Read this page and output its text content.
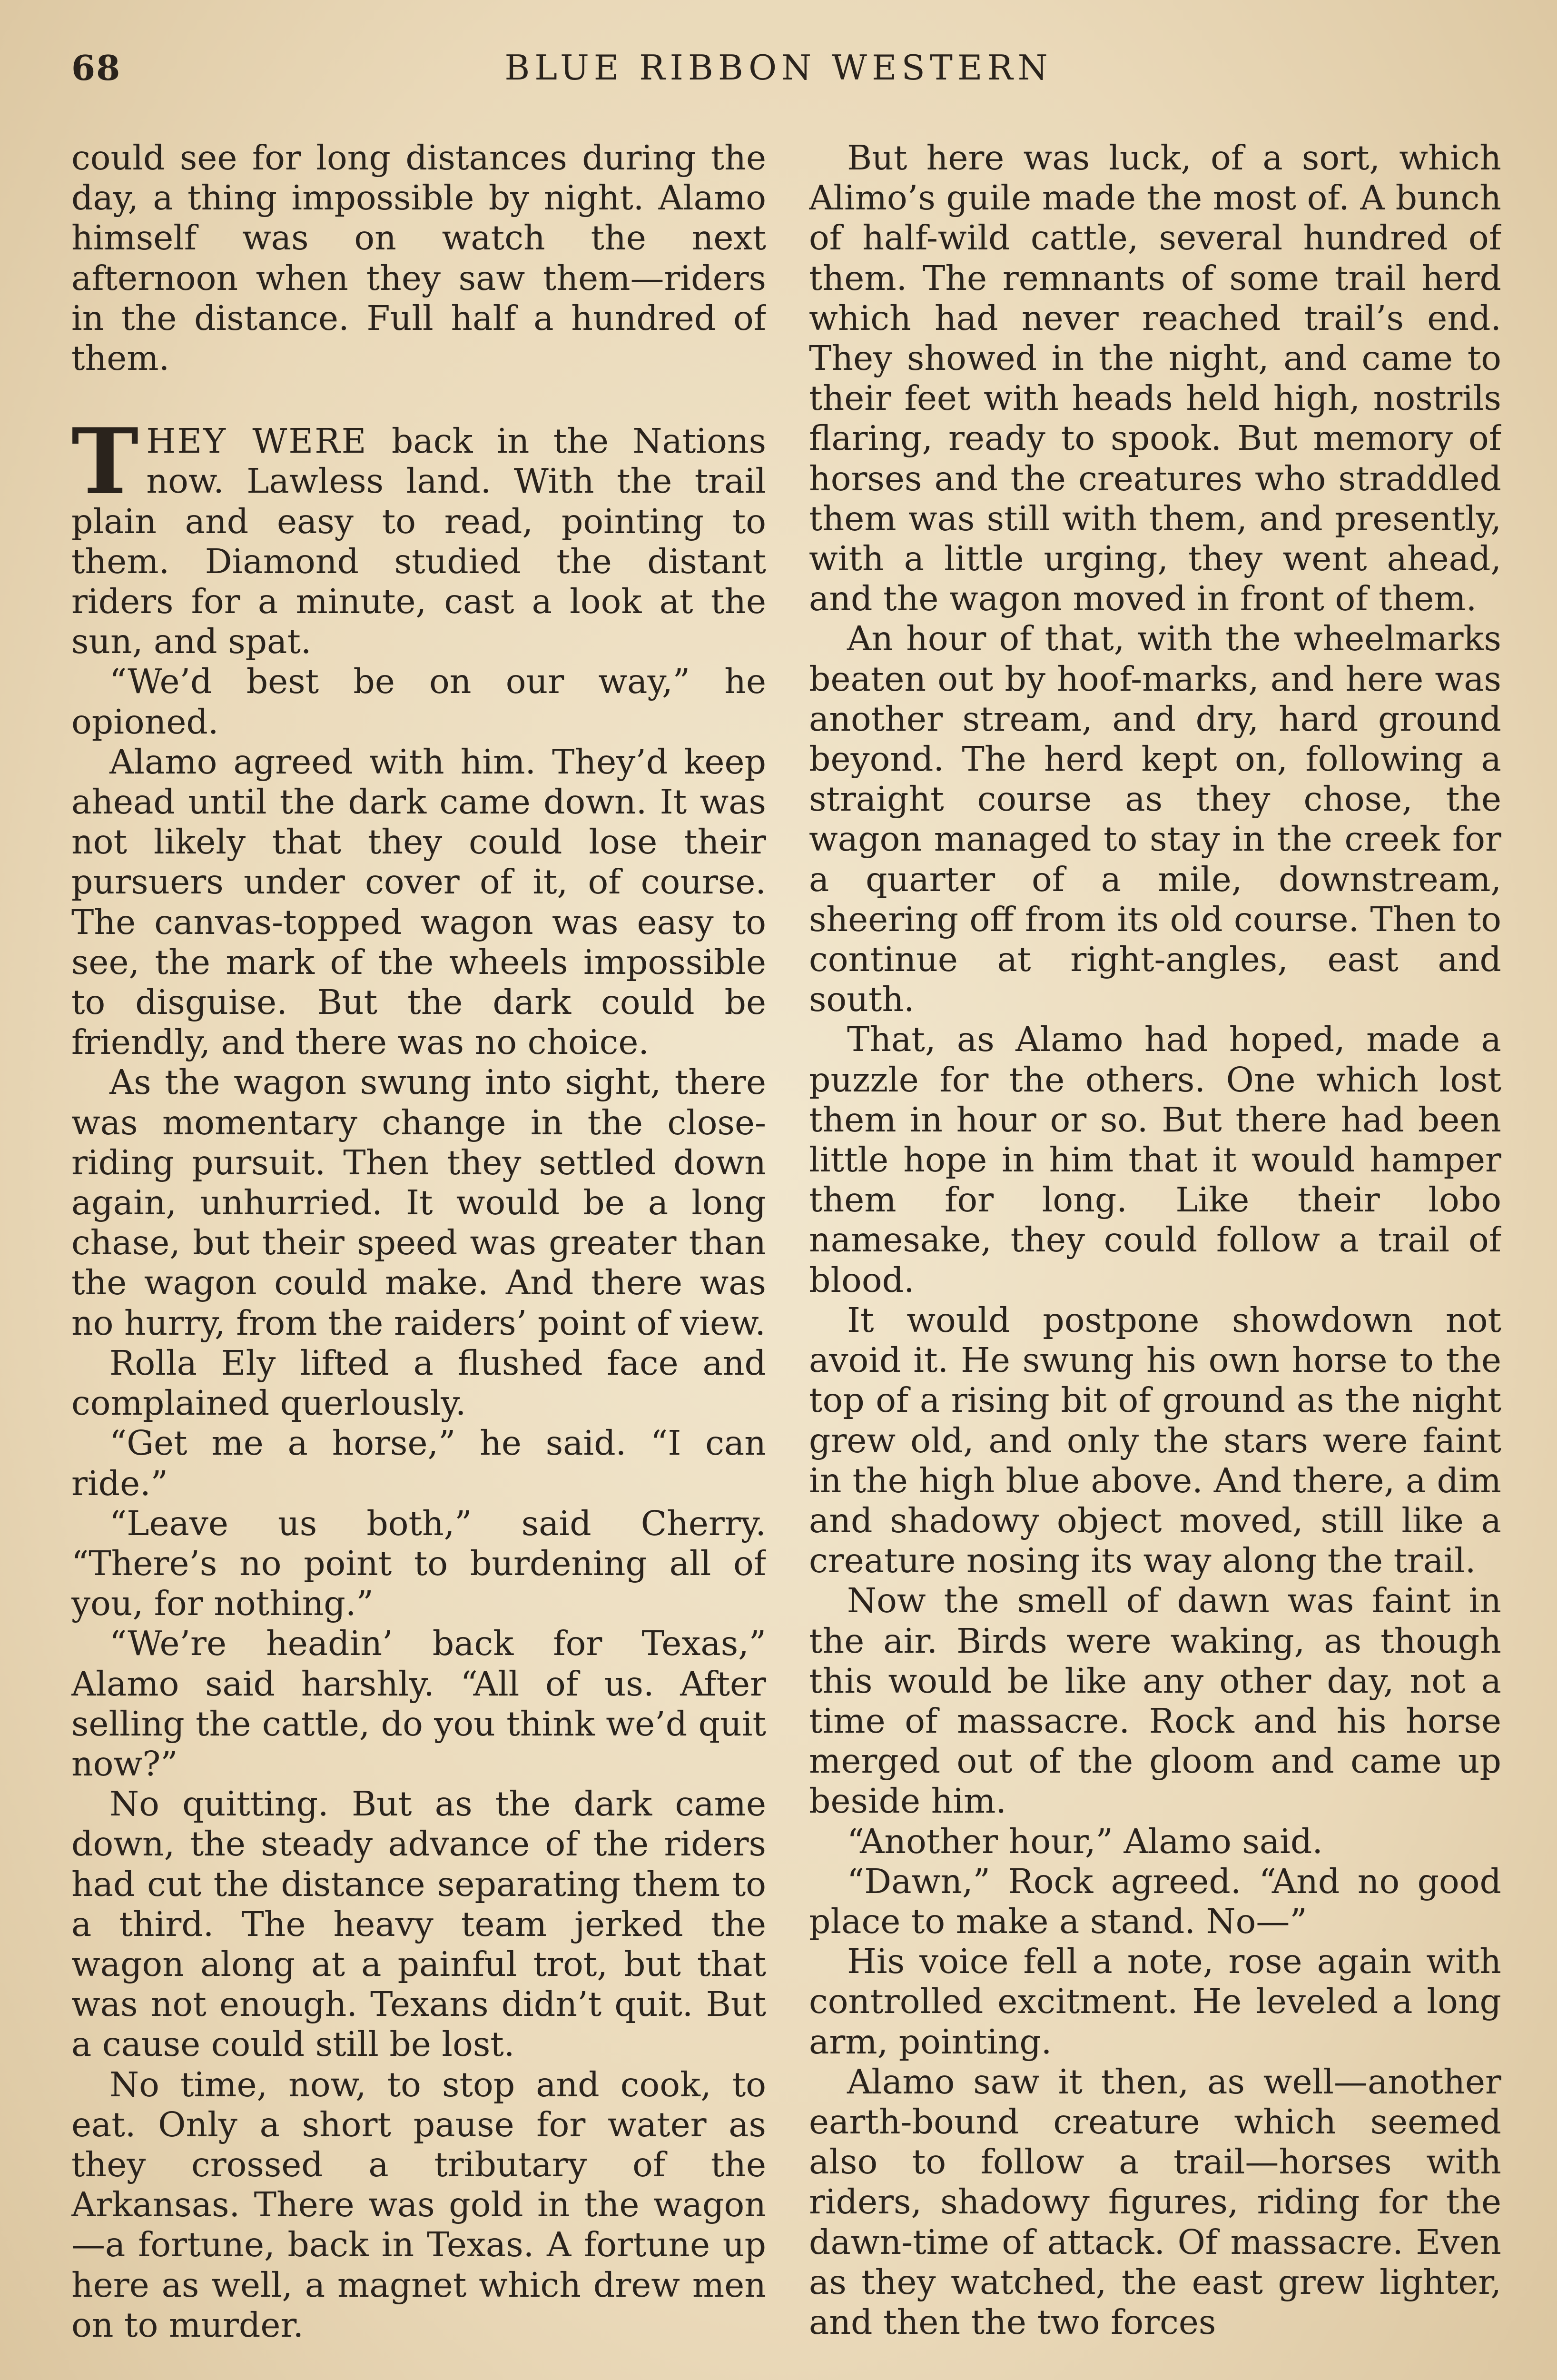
68	BLUE RIBBON WESTERN

could see for long distances during the day, a thing impossible by night. Alamo himself was on watch the next afternoon when they saw them—riders in the distance. Full half a hundred of them.

THEY WERE back in the Nations now. Lawless land. With the trail plain and easy to read, pointing to them. Diamond studied the distant riders for a minute, cast a look at the sun, and spat.

“We’d best be on our way,” he opioned.

Alamo agreed with him. They’d keep ahead until the dark came down. It was not likely that they could lose their pursuers under cover of it, of course. The canvas-topped wagon was easy to see, the mark of the wheels impossible to disguise. But the dark could be friendly, and there was no choice.

As the wagon swung into sight, there was momentary change in the close-riding pursuit. Then they settled down again, unhurried. It would be a long chase, but their speed was greater than the wagon could make. And there was no hurry, from the raiders’ point of view.

Rolla Ely lifted a flushed face and complained querlously.

“Get me a horse,” he said. “I can ride.”

“Leave us both,” said Cherry. “There’s no point to burdening all of you, for nothing.”

“We’re headin’ back for Texas,” Alamo said harshly. “All of us. After selling the cattle, do you think we’d quit now?”

No quitting. But as the dark came down, the steady advance of the riders had cut the distance separating them to a third. The heavy team jerked the wagon along at a painful trot, but that was not enough. Texans didn’t quit. But a cause could still be lost.

No time, now, to stop and cook, to eat. Only a short pause for water as they crossed a tributary of the Arkansas. There was gold in the wagon—a fortune, back in Texas. A fortune up here as well, a magnet which drew men on to murder.

But here was luck, of a sort, which Alimo’s guile made the most of. A bunch of half-wild cattle, several hundred of them. The remnants of some trail herd which had never reached trail’s end. They showed in the night, and came to their feet with heads held high, nostrils flaring, ready to spook. But memory of horses and the creatures who straddled them was still with them, and presently, with a little urging, they went ahead, and the wagon moved in front of them.

An hour of that, with the wheelmarks beaten out by hoof-marks, and here was another stream, and dry, hard ground beyond. The herd kept on, following a straight course as they chose, the wagon managed to stay in the creek for a quarter of a mile, downstream, sheering off from its old course. Then to continue at right-angles, east and south.

That, as Alamo had hoped, made a puzzle for the others. One which lost them in hour or so. But there had been little hope in him that it would hamper them for long. Like their lobo namesake, they could follow a trail of blood.

It would postpone showdown not avoid it. He swung his own horse to the top of a rising bit of ground as the night grew old, and only the stars were faint in the high blue above. And there, a dim and shadowy object moved, still like a creature nosing its way along the trail.

Now the smell of dawn was faint in the air. Birds were waking, as though this would be like any other day, not a time of massacre. Rock and his horse merged out of the gloom and came up beside him.

“Another hour,” Alamo said.

“Dawn,” Rock agreed. “And no good place to make a stand. No—”

His voice fell a note, rose again with controlled excitment. He leveled a long arm, pointing.

Alamo saw it then, as well—another earth-bound creature which seemed also to follow a trail—horses with riders, shadowy figures, riding for the dawn-time of attack. Of massacre. Even as they watched, the east grew lighter, and then the two forces
